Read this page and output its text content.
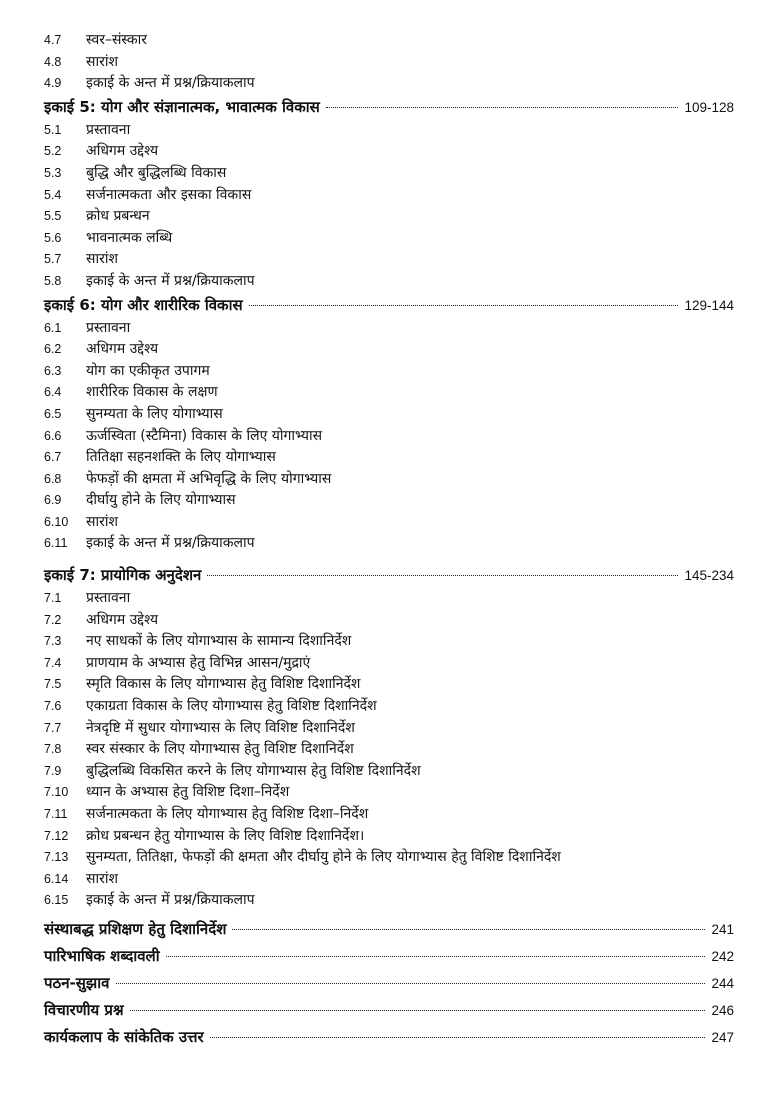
4.7	स्वर–संस्कार
4.8	सारांश
4.9	इकाई के अन्त में प्रश्न/क्रियाकलाप
इकाई 5: योग और संज्ञानात्मक, भावात्मक विकास	109-128
5.1	प्रस्तावना
5.2	अधिगम उद्देश्य
5.3	बुद्धि और बुद्धिलब्धि विकास
5.4	सर्जनात्मकता और इसका विकास
5.5	क्रोध प्रबन्धन
5.6	भावनात्मक लब्धि
5.7	सारांश
5.8	इकाई के अन्त में प्रश्न/क्रियाकलाप
इकाई 6: योग और शारीरिक विकास	129-144
6.1	प्रस्तावना
6.2	अधिगम उद्देश्य
6.3	योग का एकीकृत उपागम
6.4	शारीरिक विकास के लक्षण
6.5	सुनम्यता के लिए योगाभ्यास
6.6	ऊर्जस्विता (स्टैमिना) विकास के लिए योगाभ्यास
6.7	तितिक्षा सहनशक्ति के लिए योगाभ्यास
6.8	फेफड़ों की क्षमता में अभिवृद्धि के लिए योगाभ्यास
6.9	दीर्घायु होने के लिए योगाभ्यास
6.10	सारांश
6.11	इकाई के अन्त में प्रश्न/क्रियाकलाप
इकाई 7: प्रायोगिक अनुदेशन	145-234
7.1	प्रस्तावना
7.2	अधिगम उद्देश्य
7.3	नए साधकों के लिए योगाभ्यास के सामान्य दिशानिर्देश
7.4	प्राणयाम के अभ्यास हेतु विभिन्न आसन/मुद्राएं
7.5	स्मृति विकास के लिए योगाभ्यास हेतु विशिष्ट दिशानिर्देश
7.6	एकाग्रता विकास के लिए योगाभ्यास हेतु विशिष्ट दिशानिर्देश
7.7	नेत्रदृष्टि में सुधार योगाभ्यास के लिए विशिष्ट दिशानिर्देश
7.8	स्वर संस्कार के लिए योगाभ्यास हेतु विशिष्ट दिशानिर्देश
7.9	बुद्धिलब्धि विकसित करने के लिए योगाभ्यास हेतु विशिष्ट दिशानिर्देश
7.10	ध्यान के अभ्यास हेतु विशिष्ट दिशा–निर्देश
7.11	सर्जनात्मकता के लिए योगाभ्यास हेतु विशिष्ट दिशा–निर्देश
7.12	क्रोध प्रबन्धन हेतु योगाभ्यास के लिए विशिष्ट दिशानिर्देश।
7.13	सुनम्यता, तितिक्षा, फेफड़ों की क्षमता और दीर्घायु होने के लिए योगाभ्यास हेतु विशिष्ट दिशानिर्देश
6.14	सारांश
6.15	इकाई के अन्त में प्रश्न/क्रियाकलाप
संस्थाबद्ध प्रशिक्षण हेतु दिशानिर्देश	241
पारिभाषिक शब्दावली	242
पठन-सुझाव	244
विचारणीय प्रश्न	246
कार्यकलाप के सांकेतिक उत्तर	247
